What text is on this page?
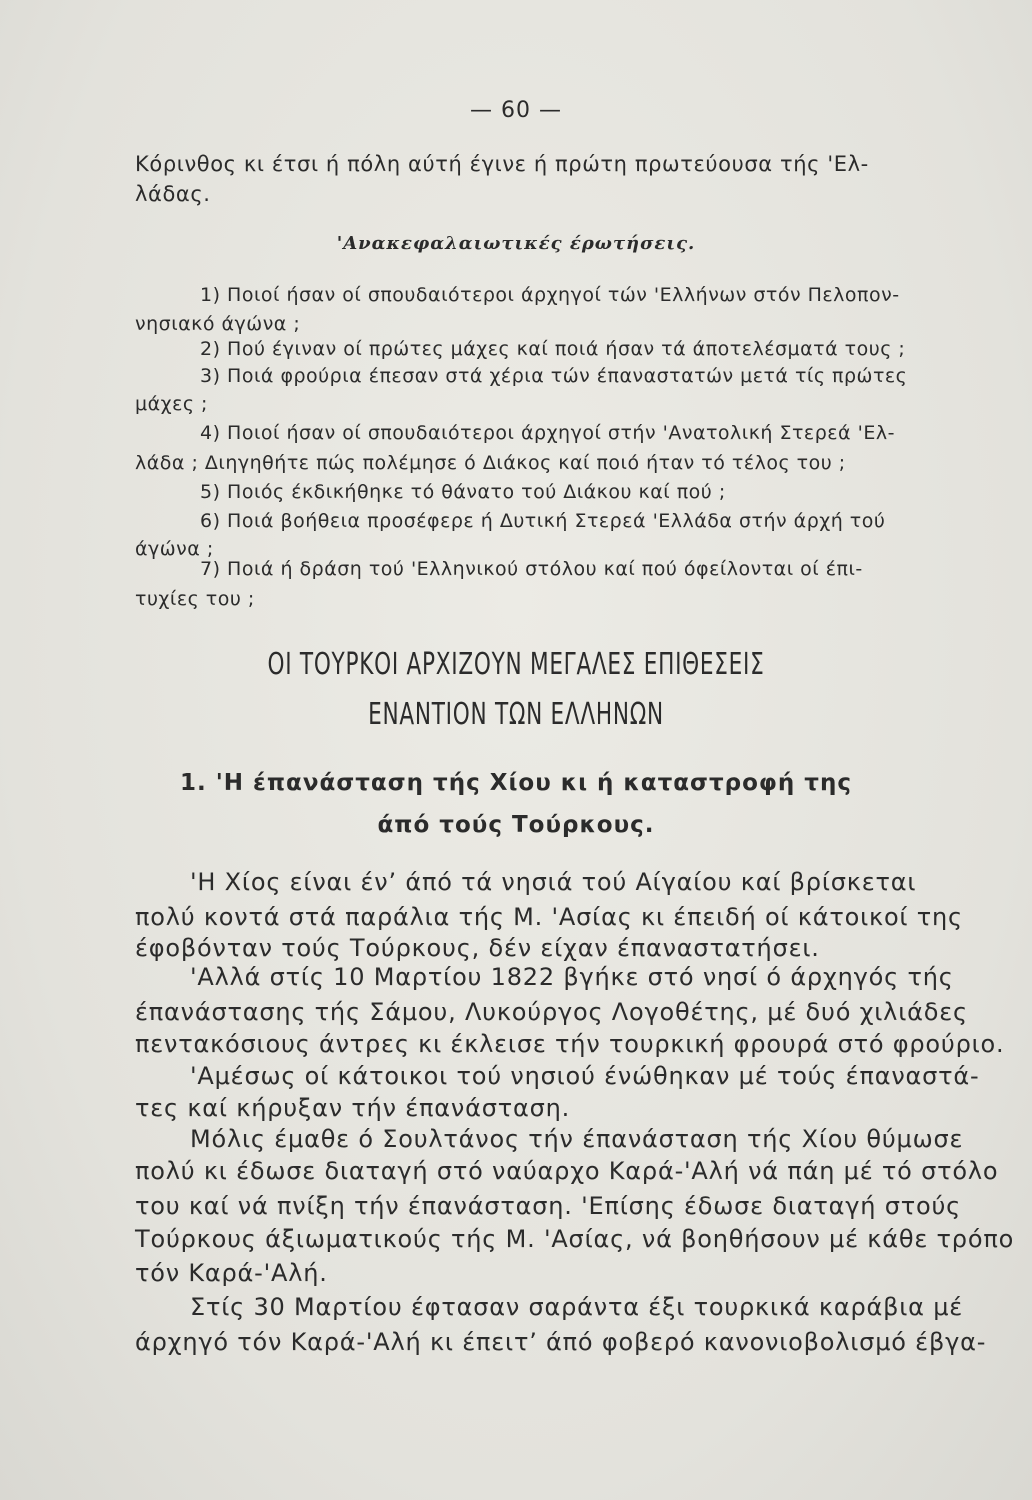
— 60 —
Κόρινθος κι έτσι ή πόλη αύτή έγινε ή πρώτη πρωτεύουσα τής 'Ελ-
λάδας.
'Ανακεφαλαιωτικές έρωτήσεις.
1) Ποιοί ήσαν οί σπουδαιότεροι άρχηγοί τών 'Ελλήνων στόν Πελοπον-
νησιακό άγώνα ;
2) Πού έγιναν οί πρώτες μάχες καί ποιά ήσαν τά άποτελέσματά τους ;
3) Ποιά φρούρια έπεσαν στά χέρια τών έπαναστατών μετά τίς πρώτες
μάχες ;
4) Ποιοί ήσαν οί σπουδαιότεροι άρχηγοί στήν 'Ανατολική Στερεά 'Ελ-
λάδα ; Διηγηθήτε πώς πολέμησε ό Διάκος καί ποιό ήταν τό τέλος του ;
5) Ποιός έκδικήθηκε τό θάνατο τού Διάκου καί πού ;
6) Ποιά βοήθεια προσέφερε ή Δυτική Στερεά 'Ελλάδα στήν άρχή τού
άγώνα ;
7) Ποιά ή δράση τού 'Ελληνικού στόλου καί πού όφείλονται οί έπι-
τυχίες του ;
ΟΙ ΤΟΥΡΚΟΙ ΑΡΧΙΖΟΥΝ ΜΕΓΑΛΕΣ ΕΠΙΘΕΣΕΙΣ
ΕΝΑΝΤΙΟΝ ΤΩΝ ΕΛΛΗΝΩΝ
1. 'Η έπανάσταση τής Χίου κι ή καταστροφή της
άπό τούς Τούρκους.
'Η Χίος είναι ένʼ άπό τά νησιά τού Αίγαίου καί βρίσκεται
πολύ κοντά στά παράλια τής Μ. 'Ασίας κι έπειδή οί κάτοικοί της
έφοβόνταν τούς Τούρκους, δέν είχαν έπαναστατήσει.
'Αλλά στίς 10 Μαρτίου 1822 βγήκε στό νησί ό άρχηγός τής
έπανάστασης τής Σάμου, Λυκούργος Λογοθέτης, μέ δυό χιλιάδες
πεντακόσιους άντρες κι έκλεισε τήν τουρκική φρουρά στό φρούριο.
'Αμέσως οί κάτοικοι τού νησιού ένώθηκαν μέ τούς έπαναστά-
τες καί κήρυξαν τήν έπανάσταση.
Μόλις έμαθε ό Σουλτάνος τήν έπανάσταση τής Χίου θύμωσε
πολύ κι έδωσε διαταγή στό ναύαρχο Καρά-'Αλή νά πάη μέ τό στόλο
του καί νά πνίξη τήν έπανάσταση. 'Επίσης έδωσε διαταγή στούς
Τούρκους άξιωματικούς τής Μ. 'Ασίας, νά βοηθήσουν μέ κάθε τρόπο
τόν Καρά-'Αλή.
Στίς 30 Μαρτίου έφτασαν σαράντα έξι τουρκικά καράβια μέ
άρχηγό τόν Καρά-'Αλή κι έπειτʼ άπό φοβερό κανονιοβολισμό έβγα-
